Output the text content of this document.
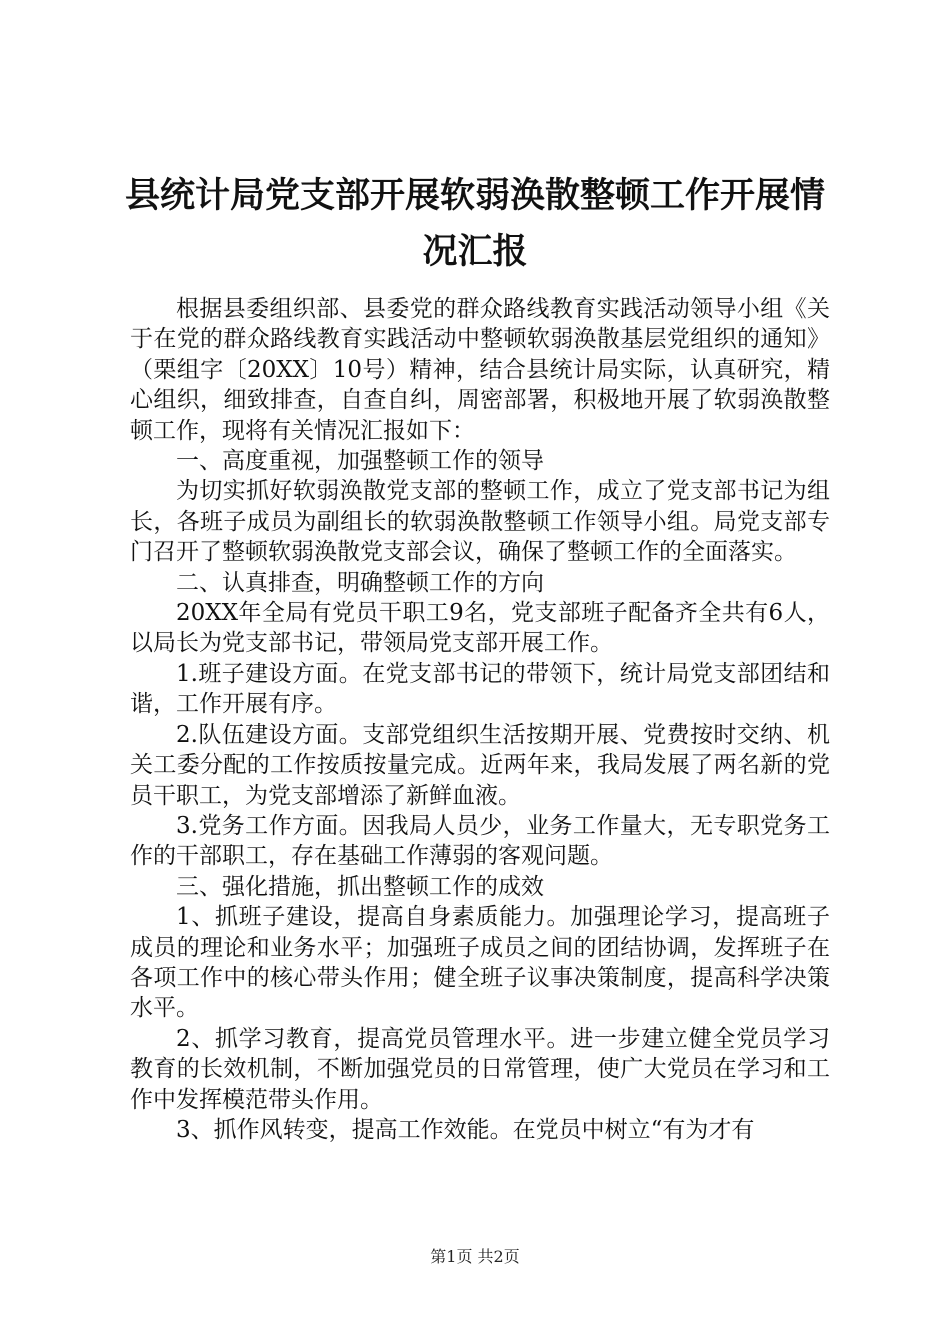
县统计局党支部开展软弱涣散整顿工作开展情况汇报

根据县委组织部、县委党的群众路线教育实践活动领导小组《关于在党的群众路线教育实践活动中整顿软弱涣散基层党组织的通知》（栗组字〔20XX〕10号）精神，结合县统计局实际，认真研究，精心组织，细致排查，自查自纠，周密部署，积极地开展了软弱涣散整顿工作，现将有关情况汇报如下：

一、高度重视，加强整顿工作的领导

为切实抓好软弱涣散党支部的整顿工作，成立了党支部书记为组长，各班子成员为副组长的软弱涣散整顿工作领导小组。局党支部专门召开了整顿软弱涣散党支部会议，确保了整顿工作的全面落实。

二、认真排查，明确整顿工作的方向

20XX年全局有党员干职工9名，党支部班子配备齐全共有6人，以局长为党支部书记，带领局党支部开展工作。

1.班子建设方面。在党支部书记的带领下，统计局党支部团结和谐，工作开展有序。

2.队伍建设方面。支部党组织生活按期开展、党费按时交纳、机关工委分配的工作按质按量完成。近两年来，我局发展了两名新的党员干职工，为党支部增添了新鲜血液。

3.党务工作方面。因我局人员少，业务工作量大，无专职党务工作的干部职工，存在基础工作薄弱的客观问题。

三、强化措施，抓出整顿工作的成效

1、抓班子建设，提高自身素质能力。加强理论学习，提高班子成员的理论和业务水平；加强班子成员之间的团结协调，发挥班子在各项工作中的核心带头作用；健全班子议事决策制度，提高科学决策水平。

2、抓学习教育，提高党员管理水平。进一步建立健全党员学习教育的长效机制，不断加强党员的日常管理，使广大党员在学习和工作中发挥模范带头作用。

3、抓作风转变，提高工作效能。在党员中树立“有为才有

第1页 共2页
